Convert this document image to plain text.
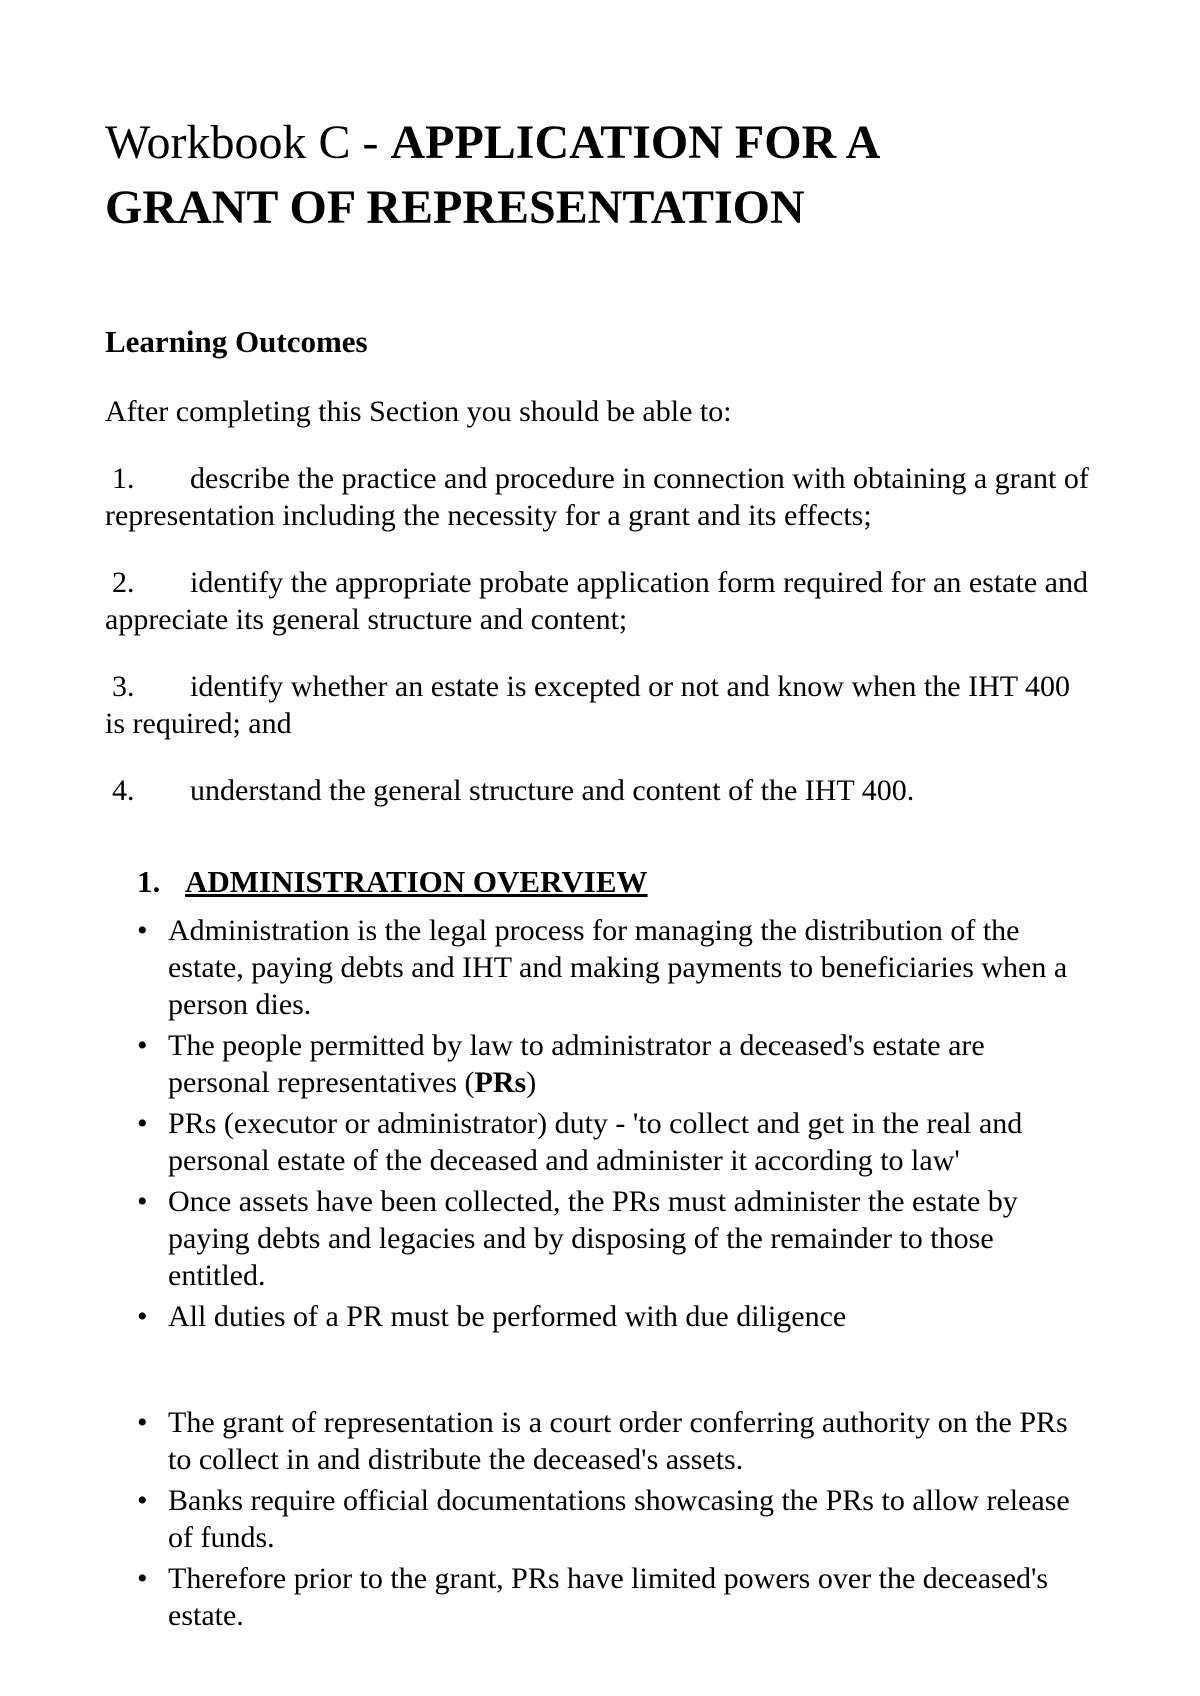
Workbook C - APPLICATION FOR A GRANT OF REPRESENTATION
Learning Outcomes

After completing this Section you should be able to:

1. describe the practice and procedure in connection with obtaining a grant of representation including the necessity for a grant and its effects;

2. identify the appropriate probate application form required for an estate and appreciate its general structure and content;

3. identify whether an estate is excepted or not and know when the IHT 400 is required; and

4. understand the general structure and content of the IHT 400.

1. ADMINISTRATION OVERVIEW
• Administration is the legal process for managing the distribution of the estate, paying debts and IHT and making payments to beneficiaries when a person dies.
• The people permitted by law to administrator a deceased's estate are personal representatives (PRs)
• PRs (executor or administrator) duty - 'to collect and get in the real and personal estate of the deceased and administer it according to law'
• Once assets have been collected, the PRs must administer the estate by paying debts and legacies and by disposing of the remainder to those entitled.
• All duties of a PR must be performed with due diligence
• The grant of representation is a court order conferring authority on the PRs to collect in and distribute the deceased's assets.
• Banks require official documentations showcasing the PRs to allow release of funds.
• Therefore prior to the grant, PRs have limited powers over the deceased's estate.
